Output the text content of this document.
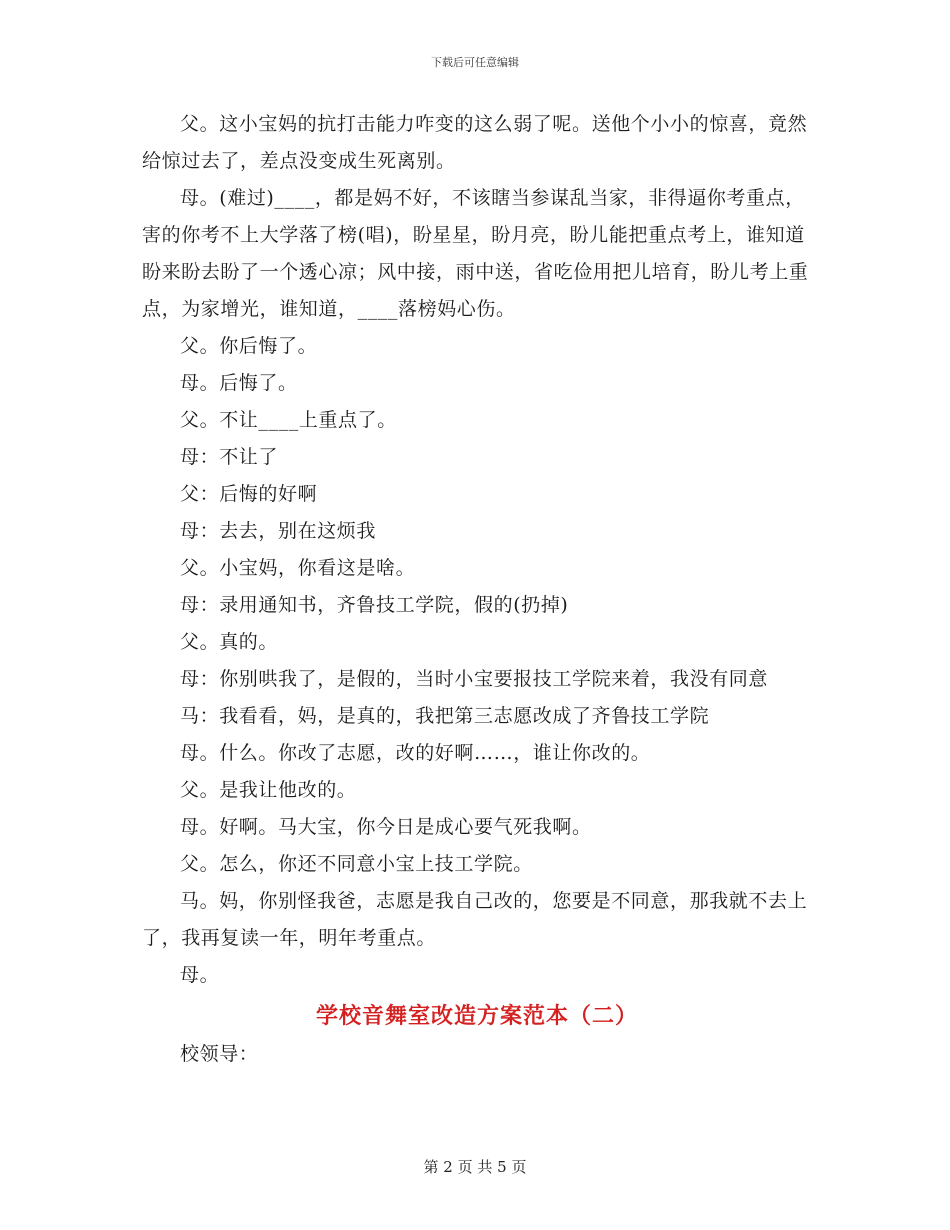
下载后可任意编辑

父。这小宝妈的抗打击能力咋变的这么弱了呢。送他个小小的惊喜，竟然给惊过去了，差点没变成生死离别。

母。(难过)____，都是妈不好，不该瞎当参谋乱当家，非得逼你考重点，害的你考不上大学落了榜(唱)，盼星星，盼月亮，盼儿能把重点考上，谁知道盼来盼去盼了一个透心凉；风中接，雨中送，省吃俭用把儿培育，盼儿考上重点，为家增光，谁知道，____落榜妈心伤。

父。你后悔了。

母。后悔了。

父。不让____上重点了。

母：不让了

父：后悔的好啊

母：去去，别在这烦我

父。小宝妈，你看这是啥。

母：录用通知书，齐鲁技工学院，假的(扔掉)

父。真的。

母：你别哄我了，是假的，当时小宝要报技工学院来着，我没有同意

马：我看看，妈，是真的，我把第三志愿改成了齐鲁技工学院

母。什么。你改了志愿，改的好啊……，谁让你改的。

父。是我让他改的。

母。好啊。马大宝，你今日是成心要气死我啊。

父。怎么，你还不同意小宝上技工学院。

马。妈，你别怪我爸，志愿是我自己改的，您要是不同意，那我就不去上了，我再复读一年，明年考重点。

母。

学校音舞室改造方案范本（二）

校领导：

第 2 页 共 5 页
